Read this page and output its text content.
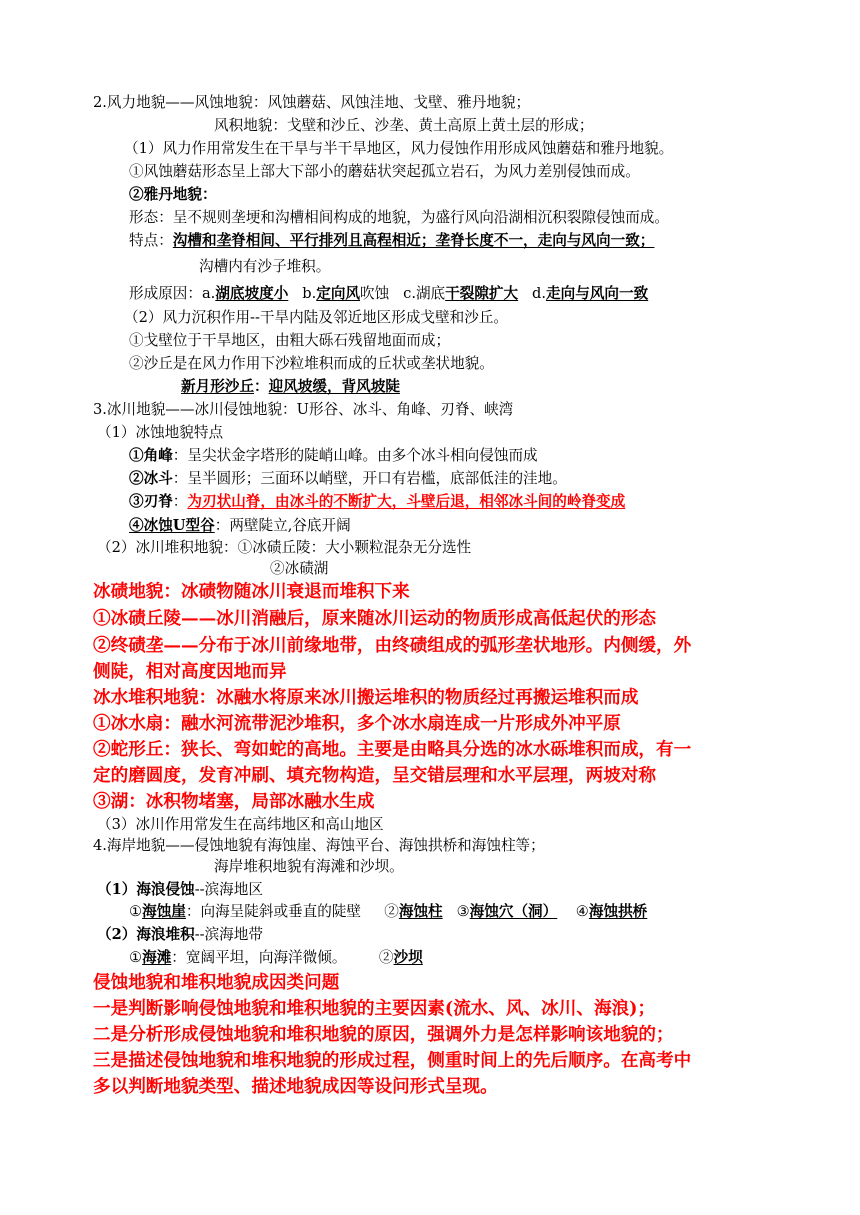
2.风力地貌——风蚀地貌：风蚀蘑菇、风蚀洼地、戈壁、雅丹地貌；
风积地貌：戈壁和沙丘、沙垄、黄土高原上黄土层的形成；
（1）风力作用常发生在干旱与半干旱地区，风力侵蚀作用形成风蚀蘑菇和雅丹地貌。
①风蚀蘑菇形态呈上部大下部小的蘑菇状突起孤立岩石，为风力差别侵蚀而成。
②雅丹地貌：
形态：呈不规则垄埂和沟槽相间构成的地貌，为盛行风向沿湖相沉积裂隙侵蚀而成。
特点：沟槽和垄脊相间、平行排列且高程相近；垄脊长度不一，走向与风向一致；
沟槽内有沙子堆积。
形成原因：a.湖底坡度小 b.定向风吹蚀 c.湖底干裂隙扩大 d.走向与风向一致
（2）风力沉积作用--干旱内陆及邻近地区形成戈壁和沙丘。
①戈壁位于干旱地区，由粗大砾石残留地面而成；
②沙丘是在风力作用下沙粒堆积而成的丘状或垄状地貌。
新月形沙丘：迎风坡缓，背风坡陡
3.冰川地貌——冰川侵蚀地貌：U形谷、冰斗、角峰、刃脊、峡湾
（1）冰蚀地貌特点
①角峰：呈尖状金字塔形的陡峭山峰。由多个冰斗相向侵蚀而成
②冰斗：呈半圆形；三面环以峭壁，开口有岩槛，底部低洼的洼地。
③刃脊：为刃状山脊，由冰斗的不断扩大，斗壁后退，相邻冰斗间的岭脊变成
④冰蚀U型谷：两壁陡立,谷底开阔
（2）冰川堆积地貌：①冰碛丘陵：大小颗粒混杂无分选性
②冰碛湖
冰碛地貌：冰碛物随冰川衰退而堆积下来
①冰碛丘陵——冰川消融后，原来随冰川运动的物质形成高低起伏的形态
②终碛垄——分布于冰川前缘地带，由终碛组成的弧形垄状地形。内侧缓，外
侧陡，相对高度因地而异
冰水堆积地貌：冰融水将原来冰川搬运堆积的物质经过再搬运堆积而成
①冰水扇：融水河流带泥沙堆积，多个冰水扇连成一片形成外冲平原
②蛇形丘：狭长、弯如蛇的高地。主要是由略具分选的冰水砾堆积而成，有一
定的磨圆度，发育冲刷、填充物构造，呈交错层理和水平层理，两坡对称
③湖：冰积物堵塞，局部冰融水生成
（3）冰川作用常发生在高纬地区和高山地区
4.海岸地貌——侵蚀地貌有海蚀崖、海蚀平台、海蚀拱桥和海蚀柱等；
海岸堆积地貌有海滩和沙坝。
（1）海浪侵蚀--滨海地区
①海蚀崖：向海呈陡斜或垂直的陡壁 ②海蚀柱 ③海蚀穴（洞） ④海蚀拱桥
（2）海浪堆积--滨海地带
①海滩：宽阔平坦，向海洋微倾。 ②沙坝
侵蚀地貌和堆积地貌成因类问题
一是判断影响侵蚀地貌和堆积地貌的主要因素(流水、风、冰川、海浪)；
二是分析形成侵蚀地貌和堆积地貌的原因，强调外力是怎样影响该地貌的；
三是描述侵蚀地貌和堆积地貌的形成过程，侧重时间上的先后顺序。在高考中
多以判断地貌类型、描述地貌成因等设问形式呈现。
